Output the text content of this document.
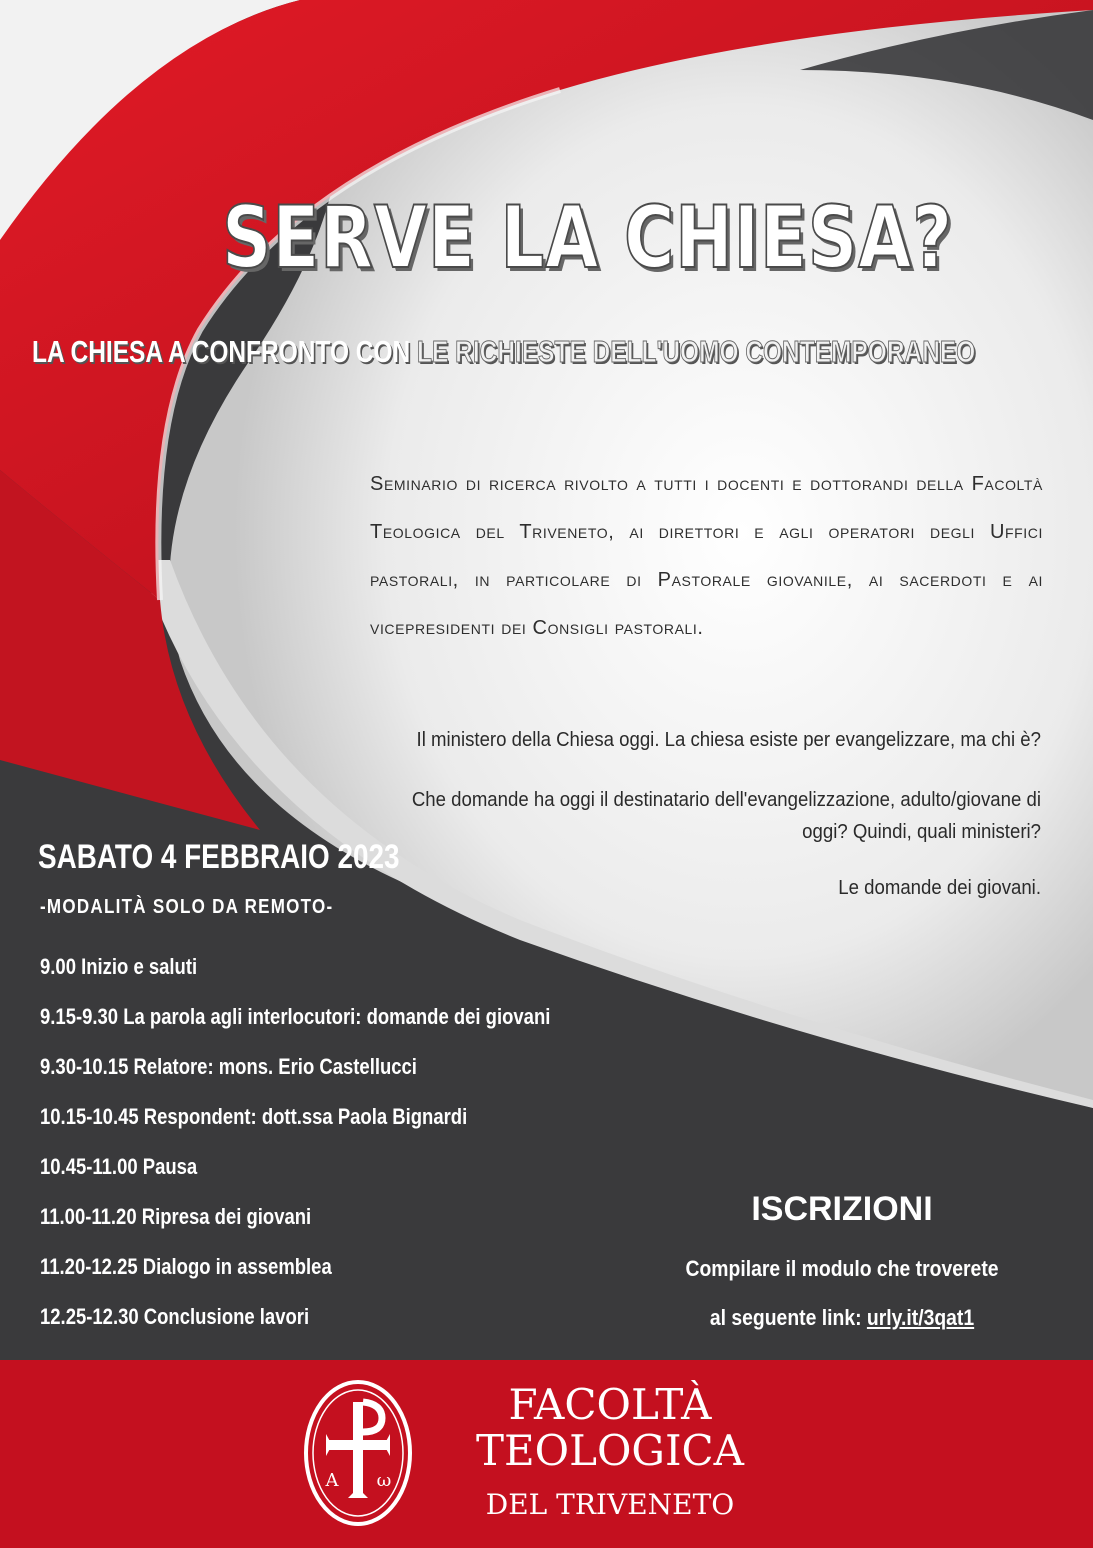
SERVE LA CHIESA?
LA CHIESA A CONFRONTO CON LE RICHIESTE DELL'UOMO CONTEMPORANEO

Seminario di ricerca rivolto a tutti i docenti e dottorandi della Facoltà Teologica del Triveneto, ai direttori e agli operatori degli Uffici pastorali, in particolare di Pastorale giovanile, ai sacerdoti e ai vicepresidenti dei Consigli pastorali.

Il ministero della Chiesa oggi. La chiesa esiste per evangelizzare, ma chi è?
Che domande ha oggi il destinatario dell'evangelizzazione, adulto/giovane di oggi? Quindi, quali ministeri?
Le domande dei giovani.
SABATO 4 FEBBRAIO 2023
-MODALITÀ SOLO DA REMOTO-
9.00 Inizio e saluti
9.15-9.30 La parola agli interlocutori: domande dei giovani
9.30-10.15 Relatore: mons. Erio Castellucci
10.15-10.45 Respondent: dott.ssa Paola Bignardi
10.45-11.00 Pausa
11.00-11.20 Ripresa dei giovani
11.20-12.25 Dialogo in assemblea
12.25-12.30 Conclusione lavori
ISCRIZIONI
Compilare il modulo che troverete
al seguente link: urly.it/3qat1
A ω
FACOLTÀ
TEOLOGICA
DEL TRIVENETO
